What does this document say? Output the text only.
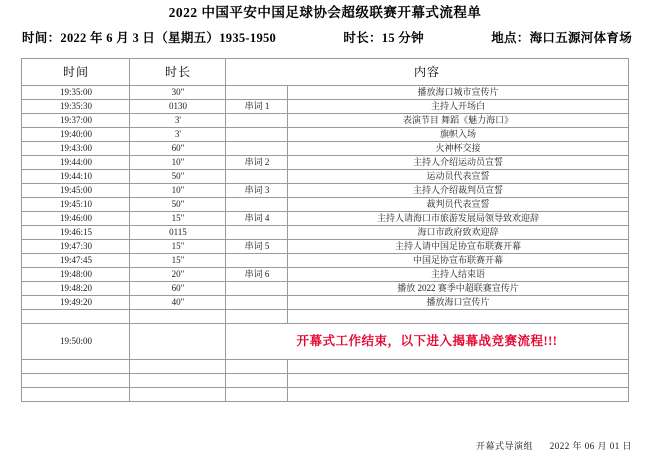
2022 中国平安中国足球协会超级联赛开幕式流程单
时间：2022 年 6 月 3 日（星期五）1935-1950	时长：15 分钟	地点：海口五源河体育场
时间	时长	内容	
19:35:00	30"		播放海口城市宣传片
19:35:30	0130	串词 1	主持人开场白
19:37:00	3'		表演节目 舞蹈《魅力海口》
19:40:00	3'		旗帜入场
19:43:00	60"		火神杯交接
19:44:00	10"	串词 2	主持人介绍运动员宣誓
19:44:10	50"		运动员代表宣誓
19:45:00	10"	串词 3	主持人介绍裁判员宣誓
19:45:10	50"		裁判员代表宣誓
19:46:00	15"	串词 4	主持人请海口市旅游发展局领导致欢迎辞
19:46:15	0115		海口市政府致欢迎辞
19:47:30	15"	串词 5	主持人请中国足协宣布联赛开幕
19:47:45	15"		中国足协宣布联赛开幕
19:48:00	20"	串词 6	主持人结束语
19:48:20	60"		播放 2022 赛季中超联赛宣传片
19:49:20	40"		播放海口宣传片

19:50:00		开幕式工作结束，以下进入揭幕战竞赛流程!!!	

开幕式导演组 2022 年 06 月 01 日
